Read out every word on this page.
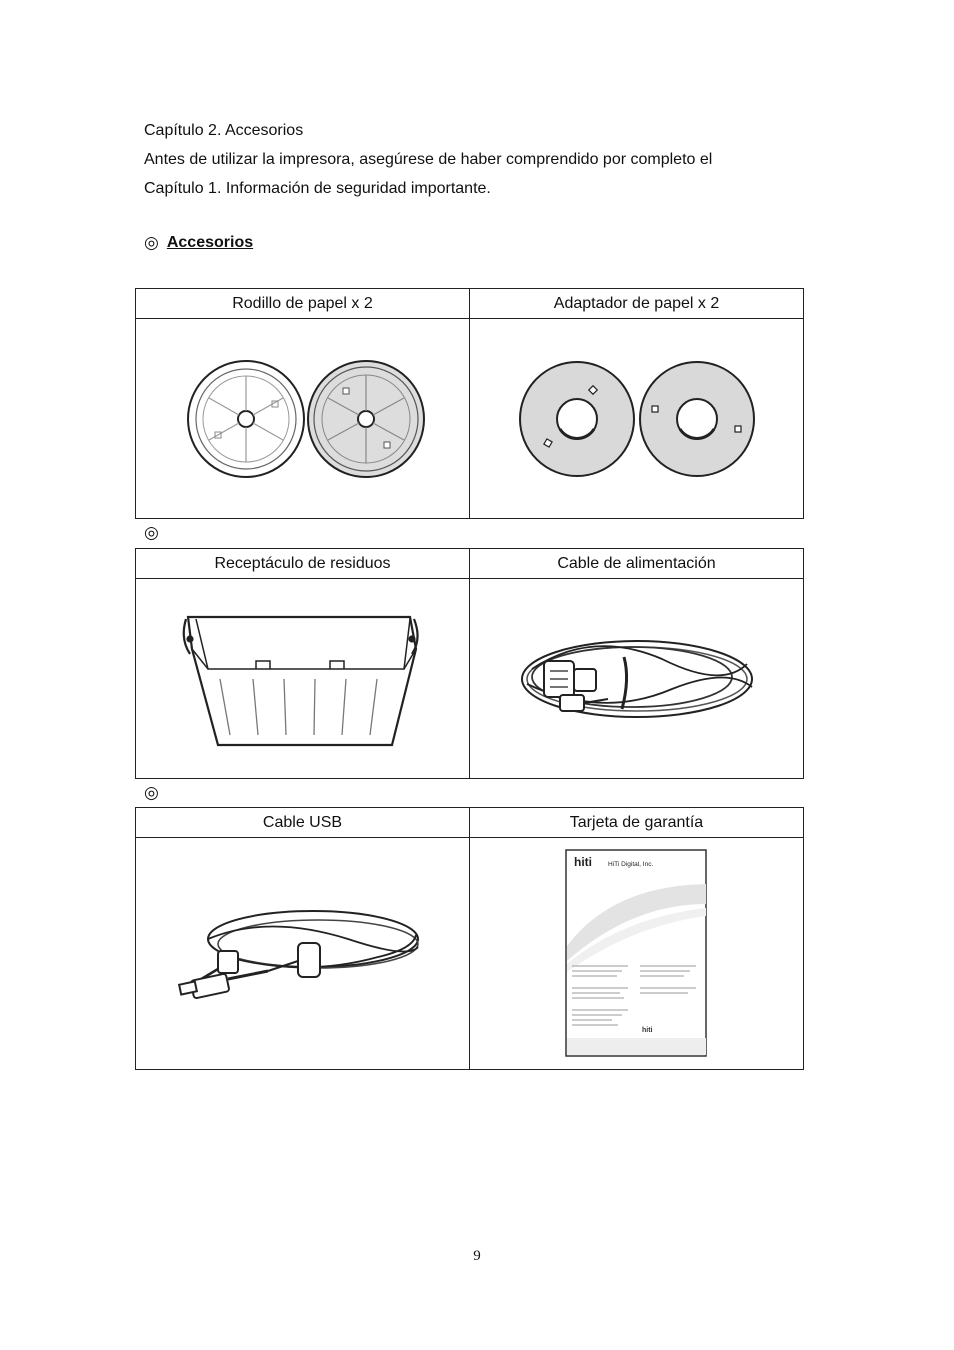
Capítulo 2. Accesorios
Antes de utilizar la impresora, asegúrese de haber comprendido por completo el
Capítulo 1. Información de seguridad importante.
◎ Accesorios
Rodillo de papel x 2	Adaptador de papel x 2

◎
Receptáculo de residuos	Cable de alimentación

◎
Cable USB	Tarjeta de garantía

hiti HiTi Digital, Inc.
hiti
9
